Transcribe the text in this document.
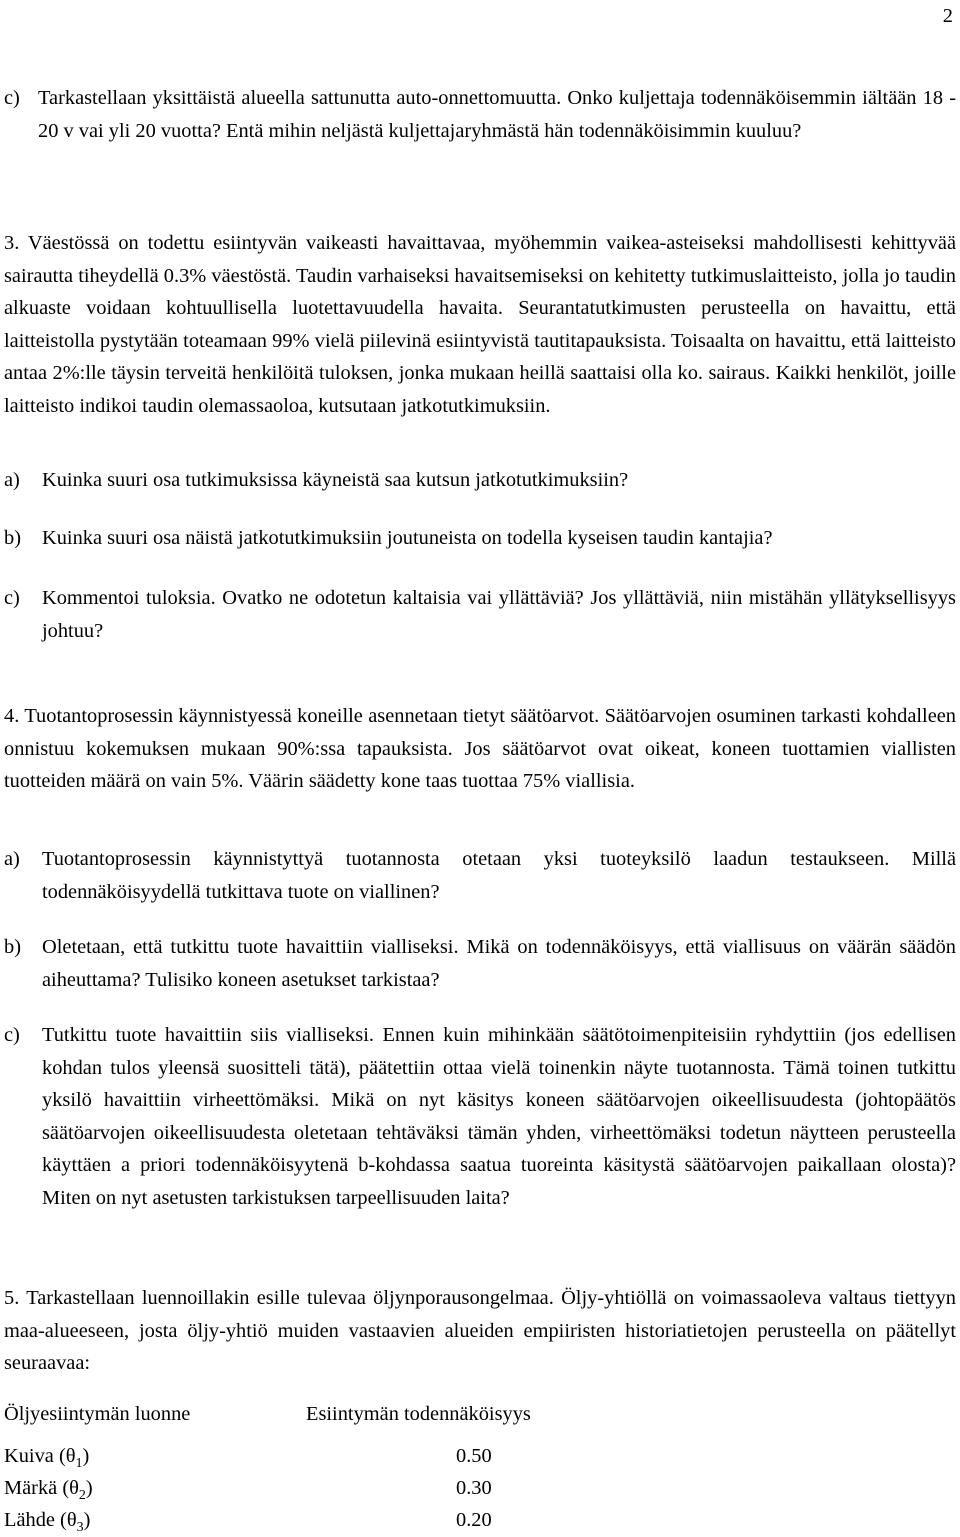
2
c) Tarkastellaan yksittäistä alueella sattunutta auto-onnettomuutta. Onko kuljettaja todennäköisemmin iältään 18 - 20 v vai yli 20 vuotta? Entä mihin neljästä kuljettajaryhmästä hän todennäköisimmin kuuluu?
3. Väestössä on todettu esiintyvän vaikeasti havaittavaa, myöhemmin vaikea-asteiseksi mahdollisesti kehittyvää sairautta tiheydellä 0.3% väestöstä. Taudin varhaiseksi havaitsemiseksi on kehitetty tutkimuslaitteisto, jolla jo taudin alkuaste voidaan kohtuullisella luotettavuudella havaita. Seurantatutkimusten perusteella on havaittu, että laitteistolla pystytään toteamaan 99% vielä piilevinä esiintyvistä tautitapauksista. Toisaalta on havaittu, että laitteisto antaa 2%:lle täysin terveitä henkilöitä tuloksen, jonka mukaan heillä saattaisi olla ko. sairaus. Kaikki henkilöt, joille laitteisto indikoi taudin olemassaoloa, kutsutaan jatkotutkimuksiin.
a) Kuinka suuri osa tutkimuksissa käyneistä saa kutsun jatkotutkimuksiin?
b) Kuinka suuri osa näistä jatkotutkimuksiin joutuneista on todella kyseisen taudin kantajia?
c) Kommentoi tuloksia. Ovatko ne odotetun kaltaisia vai yllättäviä? Jos yllättäviä, niin mistähän yllätyksellisyys johtuu?
4. Tuotantoprosessin käynnistyessä koneille asennetaan tietyt säätöarvot. Säätöarvojen osuminen tarkasti kohdalleen onnistuu kokemuksen mukaan 90%:ssa tapauksista. Jos säätöarvot ovat oikeat, koneen tuottamien viallisten tuotteiden määrä on vain 5%. Väärin säädetty kone taas tuottaa 75% viallisia.
a) Tuotantoprosessin käynnistyttyä tuotannosta otetaan yksi tuoteyksilö laadun testaukseen. Millä todennäköisyydellä tutkittava tuote on viallinen?
b) Oletetaan, että tutkittu tuote havaittiin vialliseksi. Mikä on todennäköisyys, että viallisuus on väärän säädön aiheuttama? Tulisiko koneen asetukset tarkistaa?
c) Tutkittu tuote havaittiin siis vialliseksi. Ennen kuin mihinkään säätötoimenpiteisiin ryhdyttiin (jos edellisen kohdan tulos yleensä suositteli tätä), päätettiin ottaa vielä toinenkin näyte tuotannosta. Tämä toinen tutkittu yksilö havaittiin virheettömäksi. Mikä on nyt käsitys koneen säätöarvojen oikeellisuudesta (johtopäätös säätöarvojen oikeellisuudesta oletetaan tehtäväksi tämän yhden, virheettömäksi todetun näytteen perusteella käyttäen a priori todennäköisyytenä b-kohdassa saatua tuoreinta käsitystä säätöarvojen paikallaan olosta)? Miten on nyt asetusten tarkistuksen tarpeellisuuden laita?
5. Tarkastellaan luennoillakin esille tulevaa öljynporausongelmaa. Öljy-yhtiöllä on voimassaoleva valtaus tiettyyn maa-alueeseen, josta öljy-yhtiö muiden vastaavien alueiden empiiristen historiatietojen perusteella on päätellyt seuraavaa:
Öljyesiintymän luonne	Esiintymän todennäköisyys
Kuiva $(\theta_1)$	0.50
Märkä $(\theta_2)$	0.30
Lähde $(\theta_3)$	0.20
